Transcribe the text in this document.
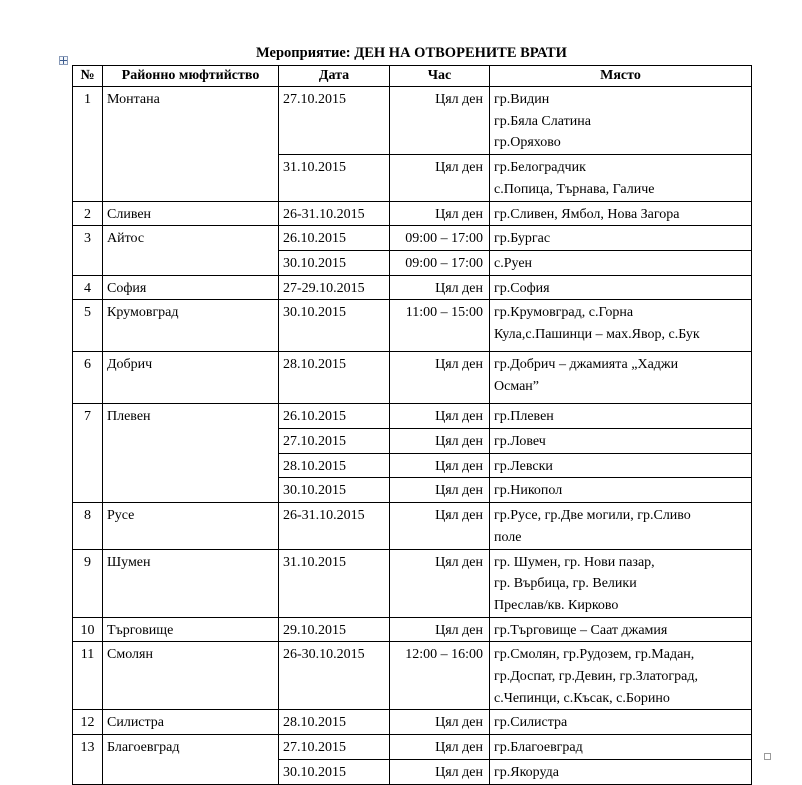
Мероприятие: ДЕН НА ОТВОРЕНИТЕ ВРАТИ
№	Районно мюфтийство	Дата	Час	Място
1	Монтана	27.10.2015	Цял ден	гр.Видин
гр.Бяла Слатина
гр.Оряхово

		31.10.2015	Цял ден	гр.Белоградчик
с.Попица, Търнава, Галиче

2	Сливен	26-31.10.2015	Цял ден	гр.Сливен, Ямбол, Нова Загора

3	Айтос	26.10.2015	09:00 – 17:00	гр.Бургас

		30.10.2015	09:00 – 17:00	с.Руен

4	София	27-29.10.2015	Цял ден	гр.София

5	Крумовград	30.10.2015	11:00 – 15:00	гр.Крумовград, с.Горна
Кула,с.Пашинци – мах.Явор, с.Бук

6	Добрич	28.10.2015	Цял ден	гр.Добрич – джамията „Хаджи
Осман”

7	Плевен	26.10.2015	Цял ден	гр.Плевен

		27.10.2015	Цял ден	гр.Ловеч

		28.10.2015	Цял ден	гр.Левски

		30.10.2015	Цял ден	гр.Никопол

8	Русе	26-31.10.2015	Цял ден	гр.Русе, гр.Две могили, гр.Сливо
поле

9	Шумен	31.10.2015	Цял ден	гр. Шумен, гр. Нови пазар,
гр. Върбица, гр. Велики
Преслав/кв. Кирково

10	Търговище	29.10.2015	Цял ден	гр.Търговище – Саат джамия

11	Смолян	26-30.10.2015	12:00 – 16:00	гр.Смолян, гр.Рудозем, гр.Мадан,
гр.Доспат, гр.Девин, гр.Златоград,
с.Чепинци, с.Късак, с.Борино

12	Силистра	28.10.2015	Цял ден	гр.Силистра

13	Благоевград	27.10.2015	Цял ден	гр.Благоевград

		30.10.2015	Цял ден	гр.Якоруда
